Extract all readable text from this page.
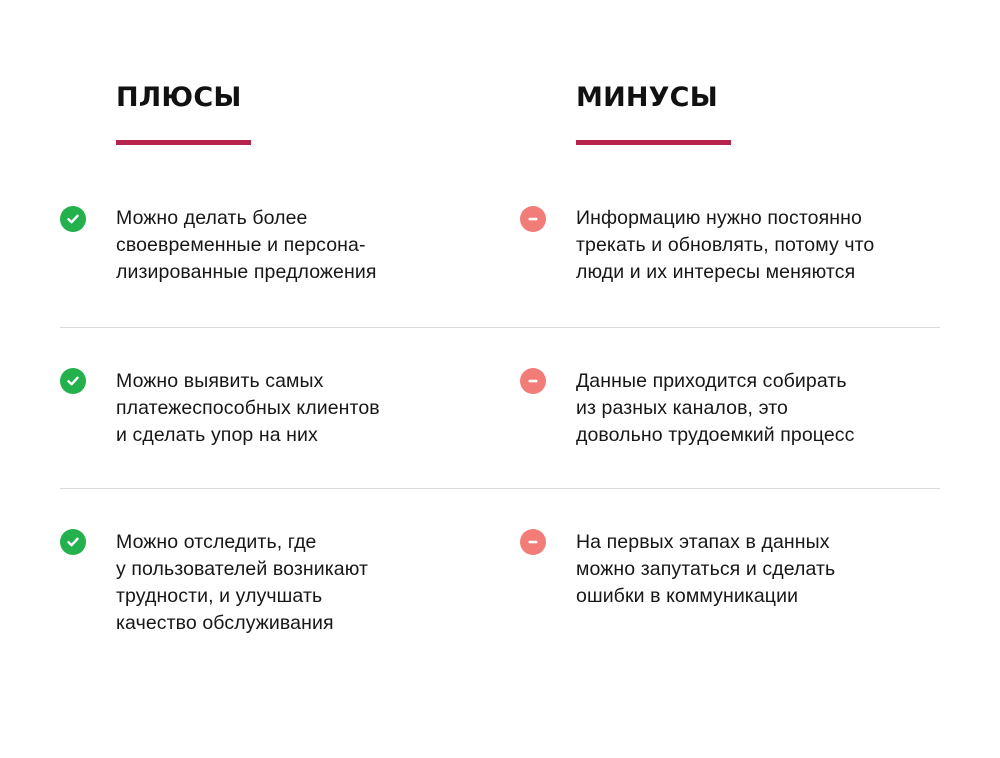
ПЛЮСЫ	МИНУСЫ
Можно делать более
своевременные и персона-
лизированные предложения
Информацию нужно постоянно
трекать и обновлять, потому что
люди и их интересы меняются
Можно выявить самых
платежеспособных клиентов
и сделать упор на них
Данные приходится собирать
из разных каналов, это
довольно трудоемкий процесс
Можно отследить, где
у пользователей возникают
трудности, и улучшать
качество обслуживания
На первых этапах в данных
можно запутаться и сделать
ошибки в коммуникации
